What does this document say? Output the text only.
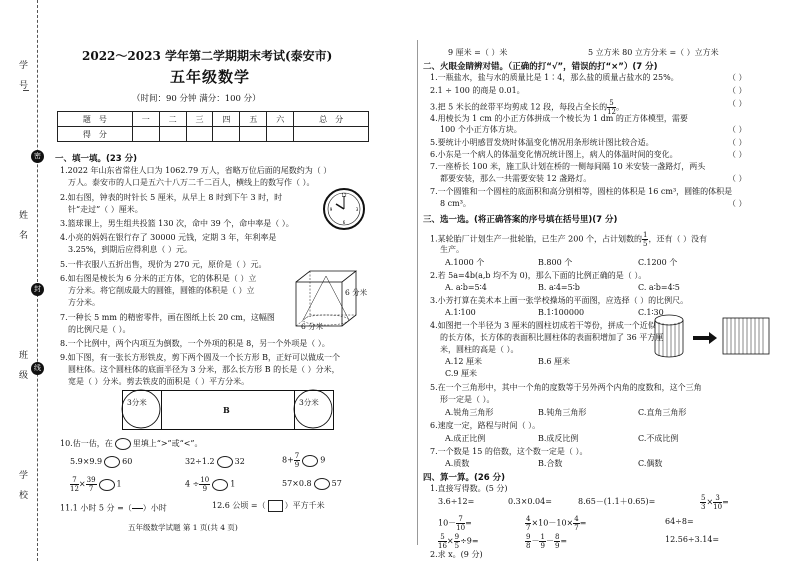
学 号
密
姓 名
封
班 级	线
学 校
2022～2023 学年第二学期期末考试(泰安市)
五年级数学
（时间：90 分钟 满分：100 分）
题　号	一	二	三	四	五	六	总　分
得　分							
一、填一填。(23 分)
1.2022 年山东省常住人口为 1062.79 万人，省略万位后面的尾数约为（ ）
万人。泰安市的人口是五六十八万二千二百人，横线上的数写作（ ）。
2.如右图，钟表的时针长 5 厘米，从早上 8 时到下午 3 时，时
针“走过”（ ）厘米。
3.篮球课上，男生组共投篮 130 次，命中 39 个，命中率是（ ）。
4.小亮的妈妈在银行存了 30000 元钱，定期 3 年，年利率是
3.25%，到期后应得利息（ ）元。
5.一件衣服八五折出售，现价为 270 元，原价是（ ）元。
6.如右图是棱长为 6 分米的正方体，它的体积是（ ）立
方分米。将它削成最大的圆锥，圆锥的体积是（ ）立
方分米。
7.一种长 5 mm 的精密零件，画在图纸上长 20 cm，这幅图
的比例尺是（ ）。
8.一个比例中，两个内项互为倒数，一个外项的积是 8，另一个外项是（ ）。
9.如下图，有一张长方形铁皮，剪下两个圆及一个长方形 B，正好可以做成一个
圆柱体。这个圆柱体的底面半径为 3 分米，那么长方形 B 的长是（ ）分米，
宽是（ ）分米。剪去铁皮的面积是（ ）平方分米。
12
3
6
9
6 分米
6 分米
B
3分米	3分米
10.估一估，在	里填上“>”或“<”。
5.9×9.9	60	32÷1.2	32	$8+ \frac{7}{9}$	9
$\frac{7}{12} \times \frac{39}{7}$	1	$4 \div \frac{10}{9}$	1	57×0.8	57
11.1 小时 5 分 =（

   ）小时	12.6 公顷 =（ ）平方千米
五年级数学试题 第 1 页(共 4 页)
9 厘米 =（ ）米	5 立方米 80 立方分米 =（ ）立方米
二、火眼金睛辨对错。（正确的打“√”，错误的打“×”）(7 分)
1.一瓶盐水，盐与水的质量比是 1∶4，那么盐的质量占盐水的 25%。
2.1 ÷ 100 的商是 0.01。
3.把 5 米长的丝带平均剪成 12 段，每段占全长的 $\frac{5}{12}$ 。
4.用棱长为 1 cm 的小正方体拼成一个棱长为 1 dm 的正方体模型，需要
100 个小正方体方块。
5.要统计小明感冒发烧时体温变化情况用条形统计图比较合适。
6.小东是一个病人的体温变化情况统计图上，病人的体温时间的变化。
7.一座桥长 100 米，施工队计划在桥的一侧每间隔 10 米安装一盏路灯，两头
都要安装，那么一共需要安装 12 盏路灯。
7.一个圆锥和一个圆柱的底面积和高分别相等，圆柱的体积是 16 cm³，圆锥的体积是
8 cm³。
（ ）
（ ）
（ ）
（ ）
（ ）
（ ）
（ ）
（ ）
三、选一选。(将正确答案的序号填在括号里)(7 分)
1.某轮胎厂计划生产一批轮胎，已生产 200 个，占计划数的 $\frac{1}{5}$ ，还有（ ）没有
生产。
A.1000 个	B.800 个	C.1200 个
2.若 5a=4b(a,b 均不为 0)，那么下面的比例正确的是（ ）。
A. a∶b=5∶4	B. a∶4=5∶b	C. a∶b=4∶5
3.小芳打算在美术本上画一张学校操场的平面图，应选择（ ）的比例尺。
A.1∶100	B.1∶100000	C.1∶30
4.如图把一个半径为 3 厘米的圆柱切成若干等份，拼成一个近似
的长方体，长方体的表面积比圆柱体的表面积增加了 36 平方厘
米，圆柱的高是（ ）。
A.12 厘米	B.6 厘米
C.9 厘米
5.在一个三角形中，其中一个角的度数等于另外两个内角的度数和，这个三角
形一定是（ ）。
A.锐角三角形	B.钝角三角形	C.直角三角形
6.速度一定，路程与时间（ ）。
A.成正比例	B.成反比例	C.不成比例
7.一个数是 15 的倍数，这个数一定是（ ）。
A.质数	B.合数	C.偶数
四、算一算。(26 分)
1.直接写得数。(5 分)
3.6÷12=	0.3×0.04=	8.65－(1.1＋0.65)=	$\frac{5}{3} \times \frac{3}{10}$ =
$10- \frac{7}{10}$ =	$\frac{4}{7} \times 10-10\times \frac{4}{7}$ =	64÷8=
$\frac{5}{16} \times \frac{9}{5} \div 9=$	$\frac{9}{8} - \frac{1}{9} - \frac{8}{9}$ =	12.56÷3.14=
2.求 x。(9 分)
